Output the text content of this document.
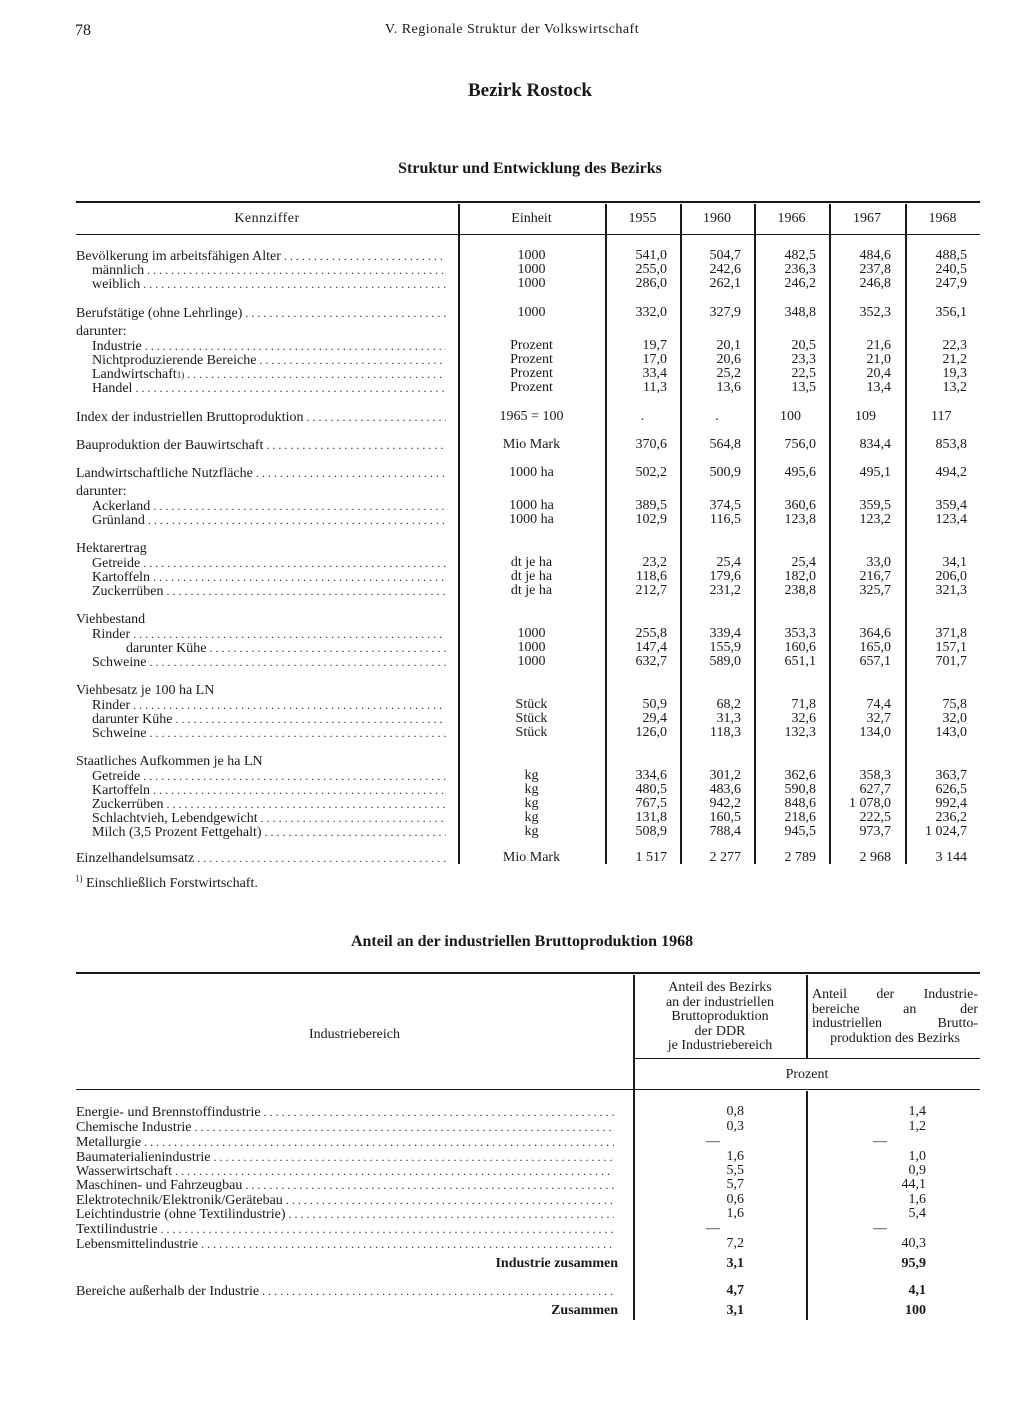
78	V. Regionale Struktur der Volkswirtschaft
Bezirk Rostock
Struktur und Entwicklung des Bezirks
Kennziffer	Einheit	1955	1960	1966	1967	1968
Bevölkerung im arbeitsfähigen Alter .....	1000	541,0	504,7	482,5	484,6	488,5
männlich .....	1000	255,0	242,6	236,3	237,8	240,5
weiblich .....	1000	286,0	262,1	246,2	246,8	247,9
Berufstätige (ohne Lehrlinge) .....	1000	332,0	327,9	348,8	352,3	356,1
darunter:
Industrie .....	Prozent	19,7	20,1	20,5	21,6	22,3
Nichtproduzierende Bereiche .....	Prozent	17,0	20,6	23,3	21,0	21,2
Landwirtschaft 1) .....	Prozent	33,4	25,2	22,5	20,4	19,3
Handel .....	Prozent	11,3	13,6	13,5	13,4	13,2
Index der industriellen Bruttoproduktion .....	1965 = 100	.	.	100	109	117
Bauproduktion der Bauwirtschaft .....	Mio Mark	370,6	564,8	756,0	834,4	853,8
Landwirtschaftliche Nutzfläche .....	1000 ha	502,2	500,9	495,6	495,1	494,2
darunter:
Ackerland .....	1000 ha	389,5	374,5	360,6	359,5	359,4
Grünland .....	1000 ha	102,9	116,5	123,8	123,2	123,4
Hektarertrag
Getreide .....	dt je ha	23,2	25,4	25,4	33,0	34,1
Kartoffeln .....	dt je ha	118,6	179,6	182,0	216,7	206,0
Zuckerrüben .....	dt je ha	212,7	231,2	238,8	325,7	321,3
Viehbestand
Rinder .....	1000	255,8	339,4	353,3	364,6	371,8
darunter Kühe .....	1000	147,4	155,9	160,6	165,0	157,1
Schweine .....	1000	632,7	589,0	651,1	657,1	701,7
Viehbesatz je 100 ha LN
Rinder .....	Stück	50,9	68,2	71,8	74,4	75,8
darunter Kühe .....	Stück	29,4	31,3	32,6	32,7	32,0
Schweine .....	Stück	126,0	118,3	132,3	134,0	143,0
Staatliches Aufkommen je ha LN
Getreide .....	kg	334,6	301,2	362,6	358,3	363,7
Kartoffeln .....	kg	480,5	483,6	590,8	627,7	626,5
Zuckerrüben .....	kg	767,5	942,2	848,6	1 078,0	992,4
Schlachtvieh, Lebendgewicht .....	kg	131,8	160,5	218,6	222,5	236,2
Milch (3,5 Prozent Fettgehalt) .....	kg	508,9	788,4	945,5	973,7	1 024,7
Einzelhandelsumsatz .....	Mio Mark	1 517	2 277	2 789	2 968	3 144
$^{1)}$ Einschließlich Forstwirtschaft.
Anteil an der industriellen Bruttoproduktion 1968
Industriebereich
Anteil des Bezirks
an der industriellen
Bruttoproduktion
der DDR
je Industriebereich
Anteil der Industrie-
bereiche an der
industriellen Brutto-
produktion des Bezirks
Prozent
Energie- und Brennstoffindustrie .....	0,8	1,4
Chemische Industrie .....	0,3	1,2
Metallurgie .....	—	—
Baumaterialienindustrie .....	1,6	1,0
Wasserwirtschaft .....	5,5	0,9
Maschinen- und Fahrzeugbau .....	5,7	44,1
Elektrotechnik/Elektronik/Gerätebau .....	0,6	1,6
Leichtindustrie (ohne Textilindustrie) .....	1,6	5,4
Textilindustrie .....	—	—
Lebensmittelindustrie .....	7,2	40,3
Industrie zusammen	3,1	95,9
Bereiche außerhalb der Industrie .....	4,7	4,1
Zusammen	3,1	100
